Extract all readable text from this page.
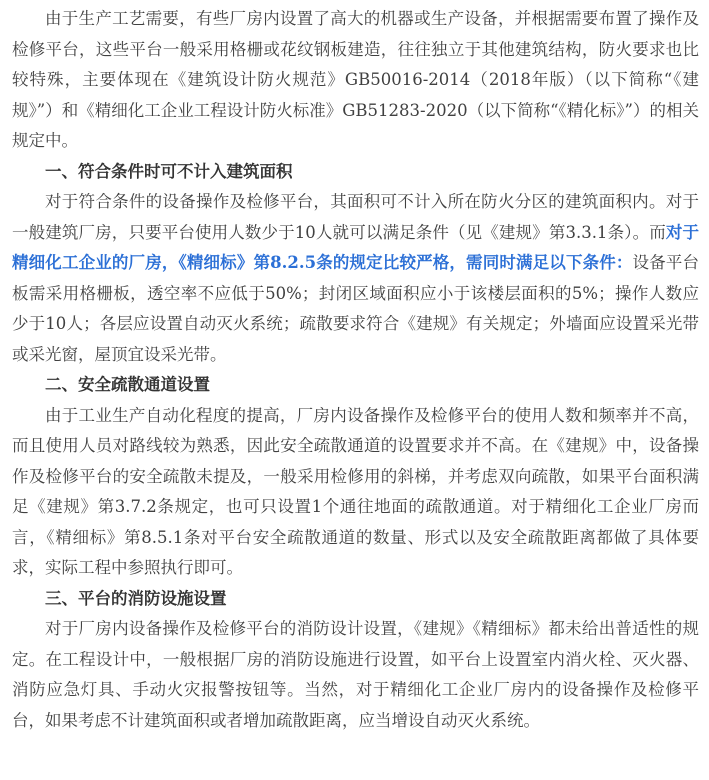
由于生产工艺需要，有些厂房内设置了高大的机器或生产设备，并根据需要布置了操作及检修平台，这些平台一般采用格栅或花纹钢板建造，往往独立于其他建筑结构，防火要求也比较特殊，主要体现在《建筑设计防火规范》GB50016-2014（2018年版）（以下简称“《建规》”）和《精细化工企业工程设计防火标准》GB51283-2020（以下简称“《精化标》”）的相关规定中。

一、符合条件时可不计入建筑面积

对于符合条件的设备操作及检修平台，其面积可不计入所在防火分区的建筑面积内。对于一般建筑厂房，只要平台使用人数少于10人就可以满足条件（见《建规》第3.3.1条）。而对于精细化工企业的厂房，《精细标》第8.2.5条的规定比较严格，需同时满足以下条件：设备平台板需采用格栅板，透空率不应低于50%；封闭区域面积应小于该楼层面积的5%；操作人数应少于10人；各层应设置自动灭火系统；疏散要求符合《建规》有关规定；外墙面应设置采光带或采光窗，屋顶宜设采光带。

二、安全疏散通道设置

由于工业生产自动化程度的提高，厂房内设备操作及检修平台的使用人数和频率并不高，而且使用人员对路线较为熟悉，因此安全疏散通道的设置要求并不高。在《建规》中，设备操作及检修平台的安全疏散未提及，一般采用检修用的斜梯，并考虑双向疏散，如果平台面积满足《建规》第3.7.2条规定，也可只设置1个通往地面的疏散通道。对于精细化工企业厂房而言，《精细标》第8.5.1条对平台安全疏散通道的数量、形式以及安全疏散距离都做了具体要求，实际工程中参照执行即可。

三、平台的消防设施设置

对于厂房内设备操作及检修平台的消防设计设置，《建规》《精细标》都未给出普适性的规定。在工程设计中，一般根据厂房的消防设施进行设置，如平台上设置室内消火栓、灭火器、消防应急灯具、手动火灾报警按钮等。当然，对于精细化工企业厂房内的设备操作及检修平台，如果考虑不计建筑面积或者增加疏散距离，应当增设自动灭火系统。
